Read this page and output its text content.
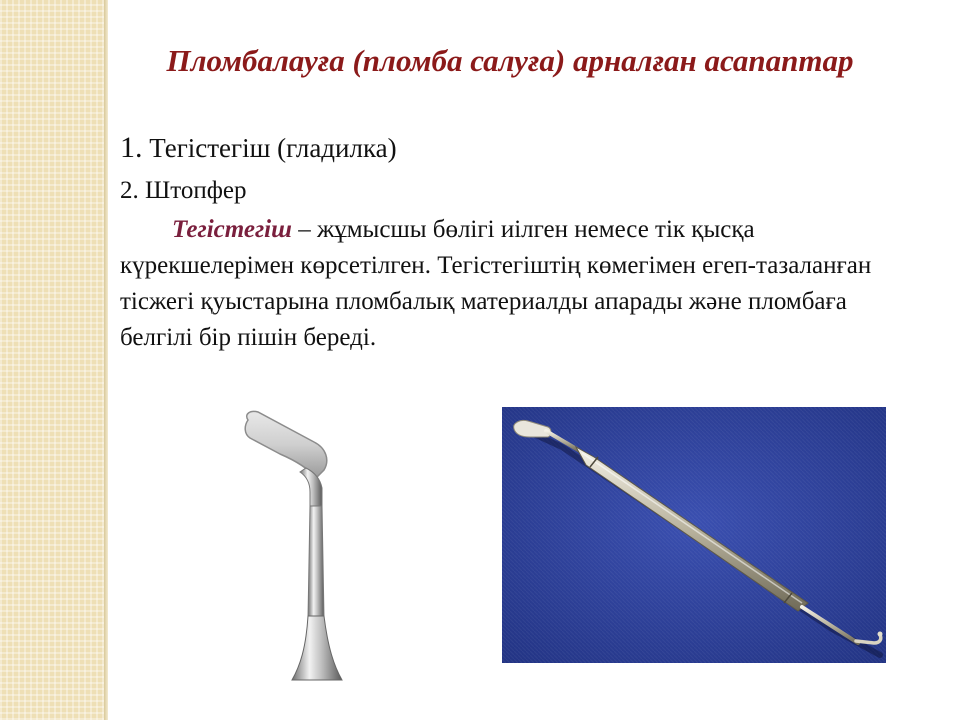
Пломбалауға (пломба салуға) арналған асапаптар
1. Тегістегіш (гладилка)
2. Штопфер
Тегістегіш – жұмысшы бөлігі иілген немесе тік қысқа күрекшелерімен көрсетілген. Тегістегіштің көмегімен егеп-тазаланған тісжегі қуыстарына пломбалық материалды апарады және пломбаға белгілі бір пішін береді.
